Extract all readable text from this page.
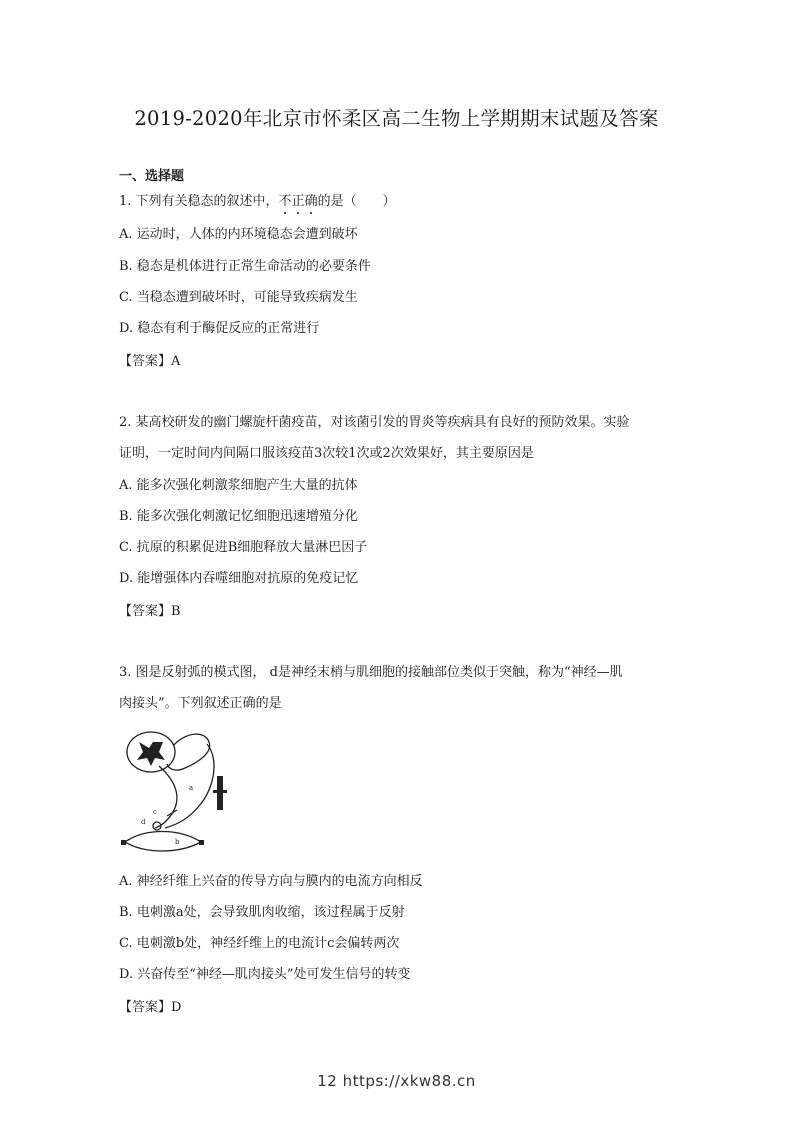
2019-2020年北京市怀柔区高二生物上学期期末试题及答案
一、选择题
1. 下列有关稳态的叙述中，不正确的是（　　）
A. 运动时，人体的内环境稳态会遭到破坏
B. 稳态是机体进行正常生命活动的必要条件
C. 当稳态遭到破坏时，可能导致疾病发生
D. 稳态有利于酶促反应的正常进行
【答案】A
2. 某高校研发的幽门螺旋杆菌疫苗，对该菌引发的胃炎等疾病具有良好的预防效果。实验
证明，一定时间内间隔口服该疫苗3次较1次或2次效果好，其主要原因是
A. 能多次强化刺激浆细胞产生大量的抗体
B. 能多次强化刺激记忆细胞迅速增殖分化
C. 抗原的积累促进B细胞释放大量淋巴因子
D. 能增强体内吞噬细胞对抗原的免疫记忆
【答案】B
3. 图是反射弧的模式图， d是神经末梢与肌细胞的接触部位类似于突触，称为“神经—肌
肉接头”。下列叙述正确的是
a
b
c
d
A. 神经纤维上兴奋的传导方向与膜内的电流方向相反
B. 电刺激a处，会导致肌肉收缩，该过程属于反射
C. 电刺激b处，神经纤维上的电流计c会偏转两次
D. 兴奋传至“神经—肌肉接头”处可发生信号的转变
【答案】D
12 https://xkw88.cn
